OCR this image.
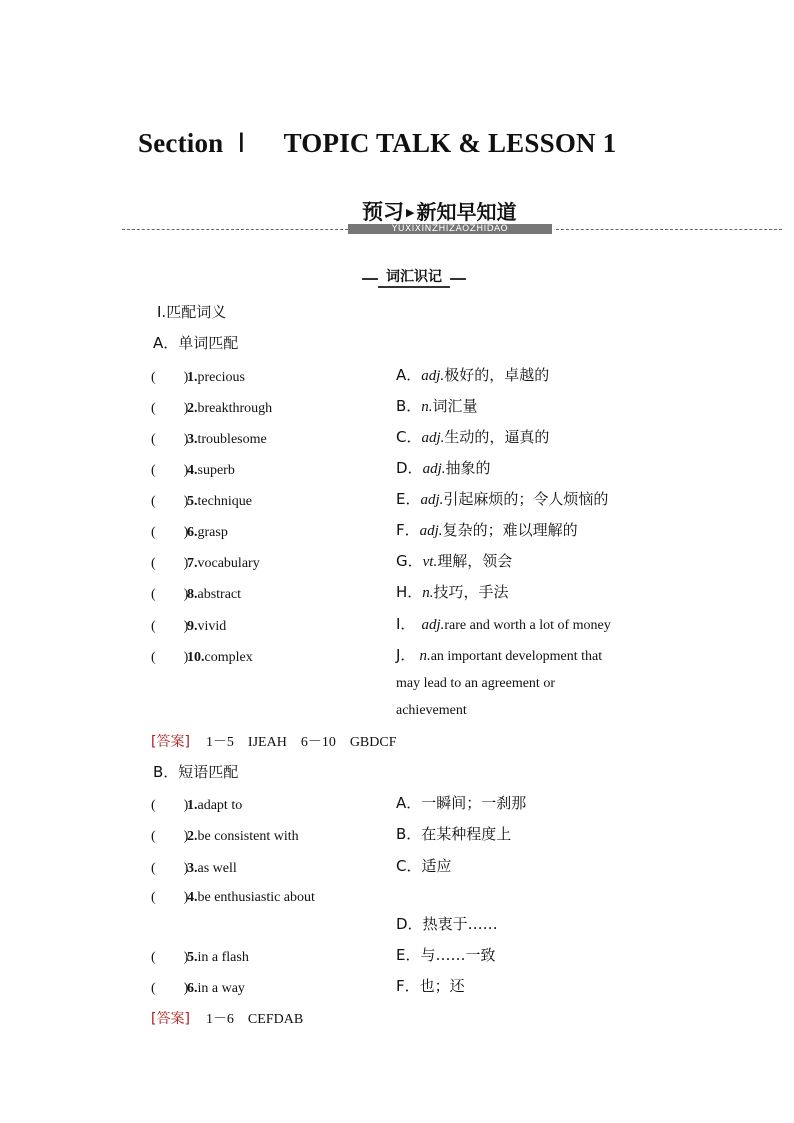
Section Ⅰ TOPIC TALK & LESSON 1
预习 ▶ 新知早知道
YUXIXINZHIZAOZHIDAO
词汇识记
Ⅰ.匹配词义
A．单词匹配
(　　)1.precious
(　　)2.breakthrough
(　　)3.troublesome
(　　)4.superb
(　　)5.technique
(　　)6.grasp
(　　)7.vocabulary
(　　)8.abstract
(　　)9.vivid
(　　)10.complex
A．adj.极好的，卓越的
B．n.词汇量
C．adj.生动的，逼真的
D．adj.抽象的
E．adj.引起麻烦的；令人烦恼的
F．adj.复杂的；难以理解的
G．vt.理解，领会
H．n.技巧，手法
I． adj.rare and worth a lot of money
J． n.an important development that
may lead to an agreement or
achievement
[答案] 1－5　IJEAH　6－10　GBDCF
B．短语匹配
(　　)1.adapt to
(　　)2.be consistent with
(　　)3.as well
(　　)4.be enthusiastic about
(　　)5.in a flash
(　　)6.in a way
A．一瞬间；一刹那
B．在某种程度上
C．适应
D．热衷于……
E．与……一致
F．也；还
[答案] 1－6　CEFDAB
